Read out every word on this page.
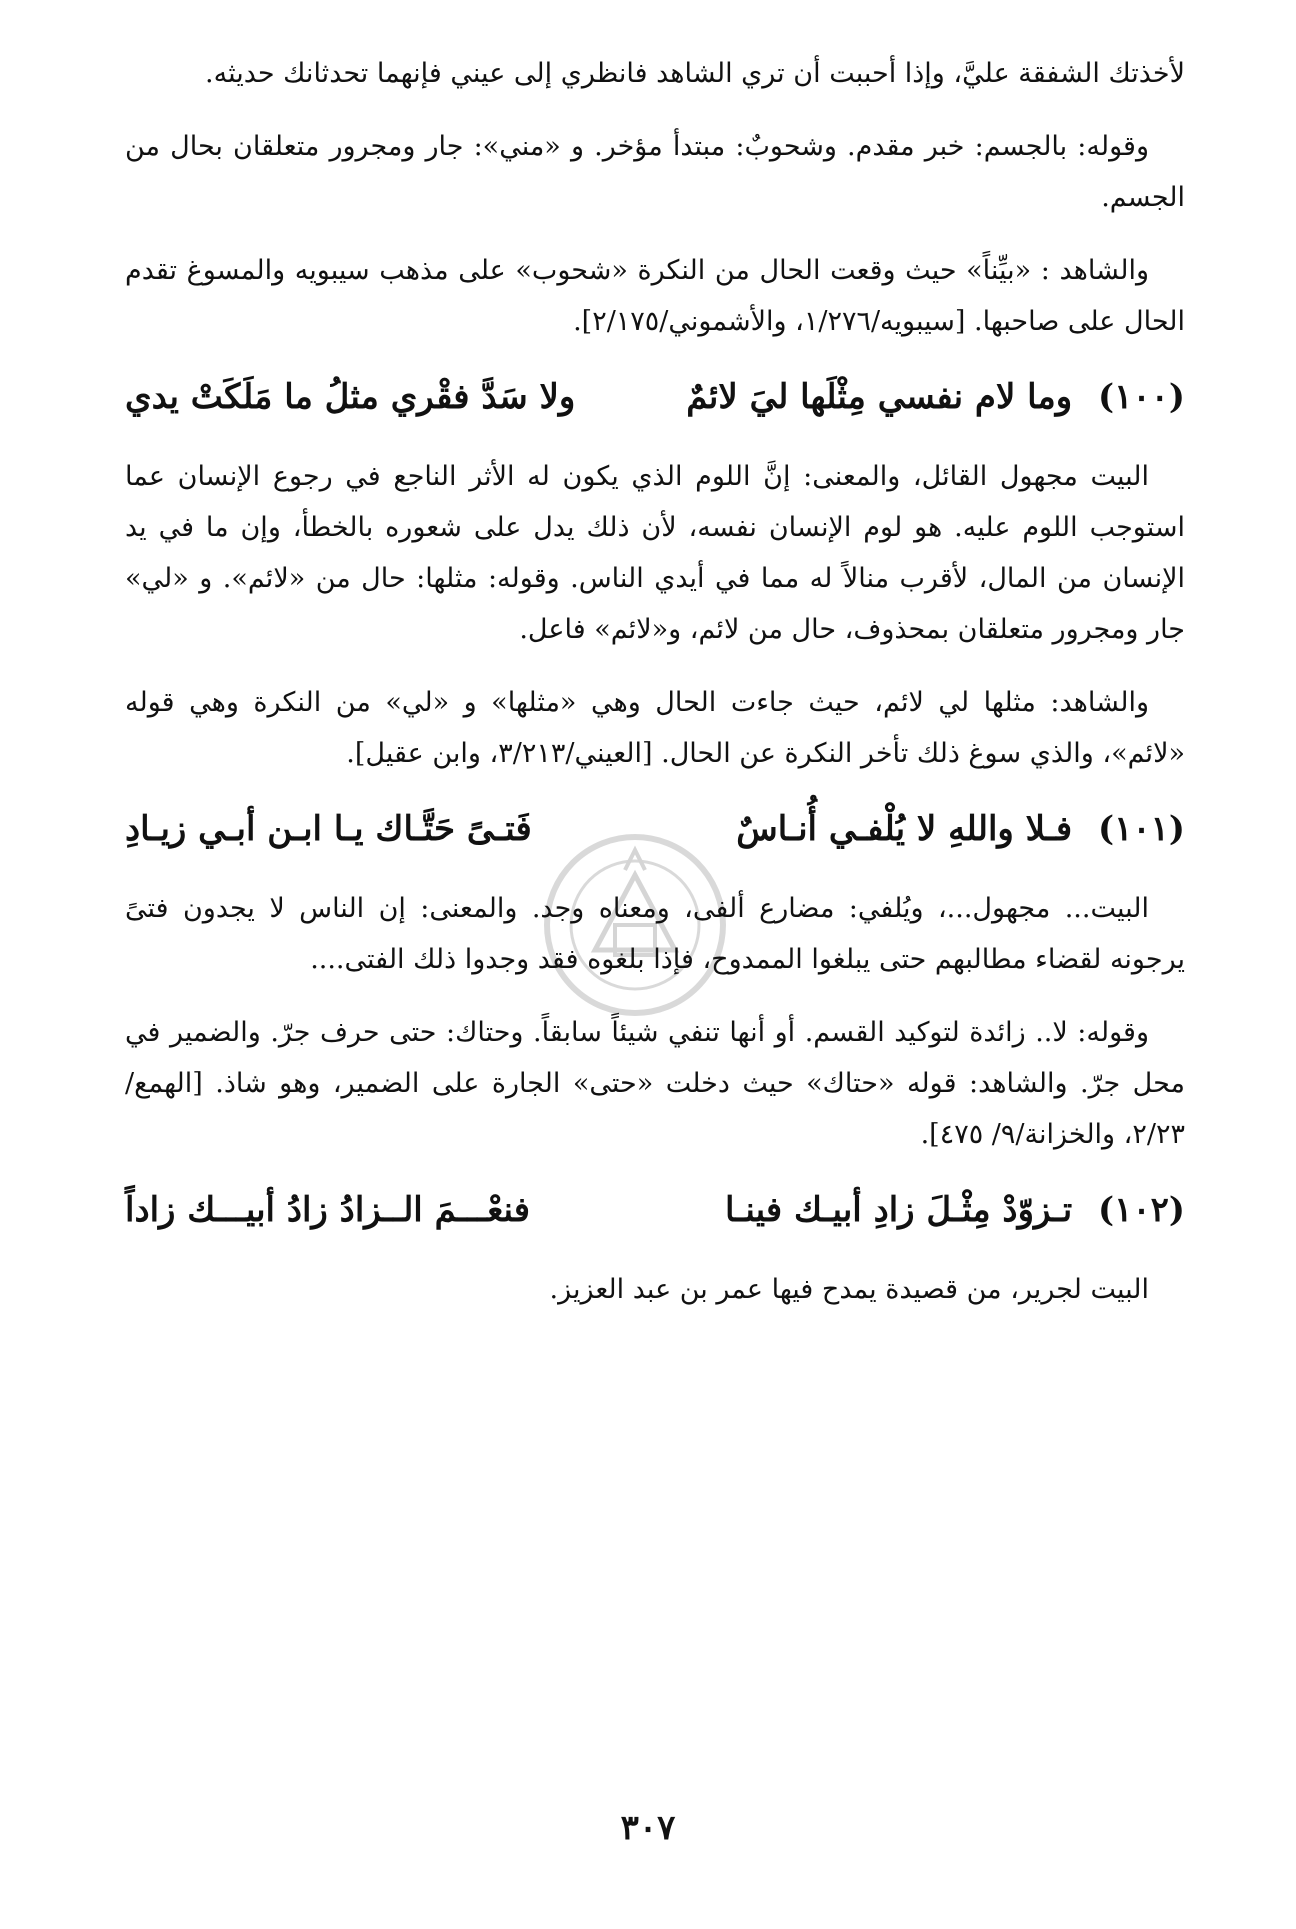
لأخذتك الشفقة عليَّ، وإذا أحببت أن تري الشاهد فانظري إلى عيني فإنهما تحدثانك حديثه.

وقوله: بالجسم: خبر مقدم. وشحوبٌ: مبتدأ مؤخر. و «مني»: جار ومجرور متعلقان بحال من الجسم.

والشاهد : «بيِّناً» حيث وقعت الحال من النكرة «شحوب» على مذهب سيبويه والمسوغ تقدم الحال على صاحبها. [سيبويه/١/٢٧٦، والأشموني/٢/١٧٥].

(١٠٠) وما لام نفسي مِثْلَها ليَ لائمٌ
ولا سَدَّ فقْري مثلُ ما مَلَكَتْ يدي

البيت مجهول القائل، والمعنى: إنَّ اللوم الذي يكون له الأثر الناجع في رجوع الإنسان عما استوجب اللوم عليه. هو لوم الإنسان نفسه، لأن ذلك يدل على شعوره بالخطأ، وإن ما في يد الإنسان من المال، لأقرب منالاً له مما في أيدي الناس. وقوله: مثلها: حال من «لائم». و «لي» جار ومجرور متعلقان بمحذوف، حال من لائم، و«لائم» فاعل.

والشاهد: مثلها لي لائم، حيث جاءت الحال وهي «مثلها» و «لي» من النكرة وهي قوله «لائم»، والذي سوغ ذلك تأخر النكرة عن الحال. [العيني/٣/٢١٣، وابن عقيل].

(١٠١) فـلا واللهِ لا يُلْفـي أُنـاسٌ
فَتـىً حَتَّـاك يـا ابـن أبـي زيـادِ

البيت... مجهول...، ويُلفي: مضارع ألفى، ومعناه وجد. والمعنى: إن الناس لا يجدون فتىً يرجونه لقضاء مطالبهم حتى يبلغوا الممدوح، فإذا بلغوه فقد وجدوا ذلك الفتى....

وقوله: لا.. زائدة لتوكيد القسم. أو أنها تنفي شيئاً سابقاً. وحتاك: حتى حرف جرّ. والضمير في محل جرّ. والشاهد: قوله «حتاك» حيث دخلت «حتى» الجارة على الضمير، وهو شاذ. [الهمع/٢/٢٣، والخزانة/٩/ ٤٧٥].

(١٠٢) تـزوّدْ مِثْـلَ زادِ أبيـك فينـا
فنعْـــمَ الــزادُ زادُ أبيـــك زاداً

البيت لجرير، من قصيدة يمدح فيها عمر بن عبد العزيز.

٣٠٧
